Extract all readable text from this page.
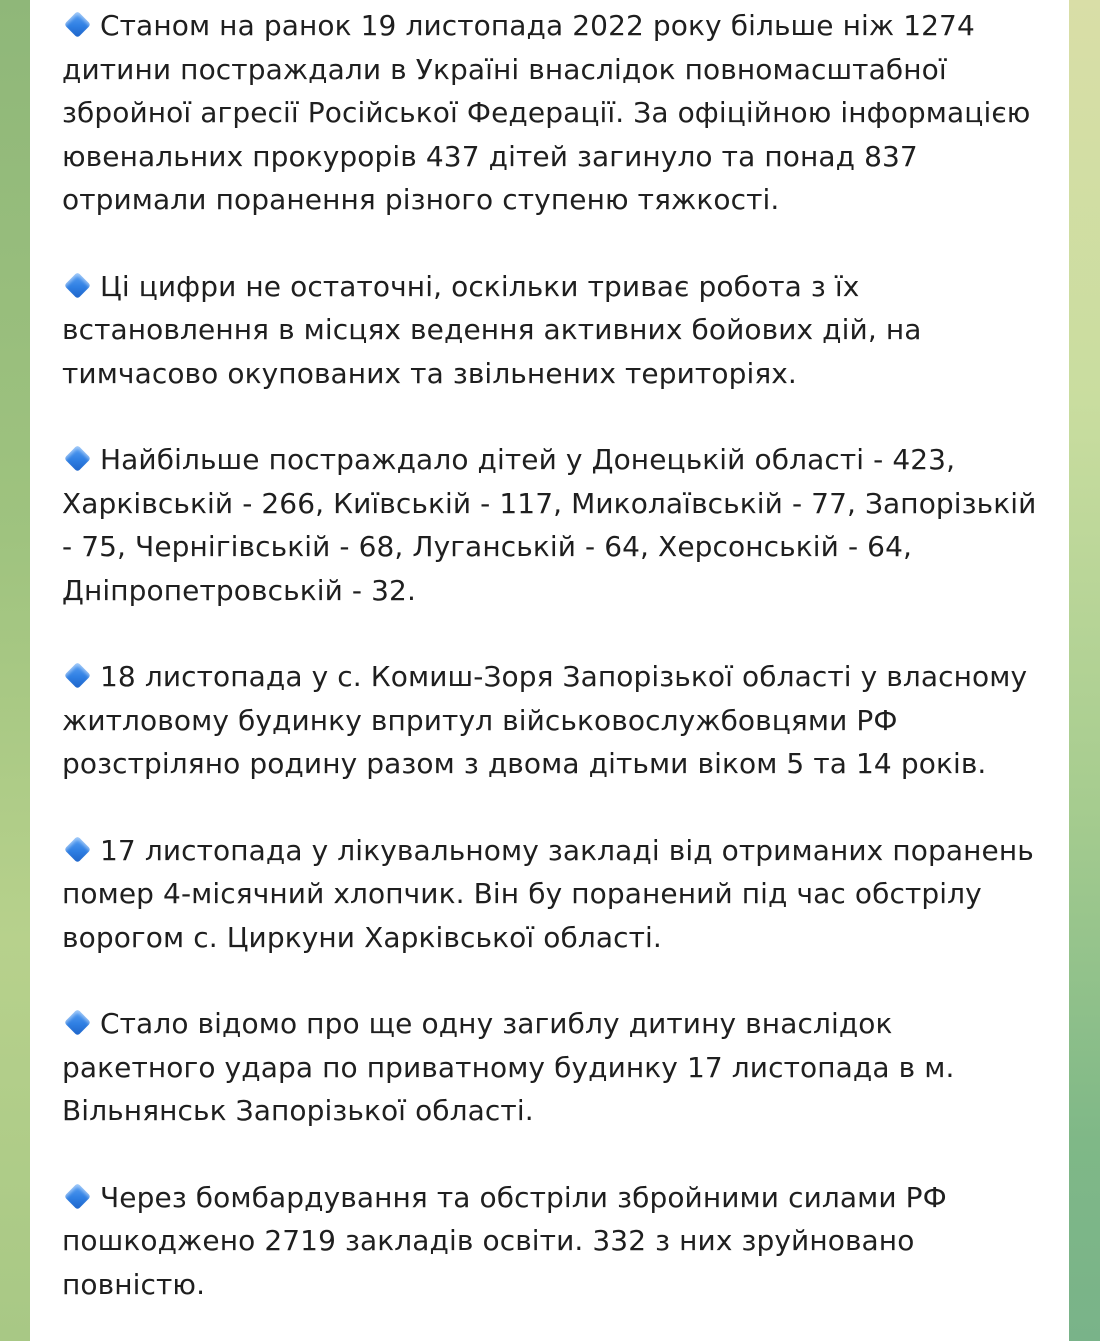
Станом на ранок 19 листопада 2022 року більше ніж 1274 дитини постраждали в Україні внаслідок повномасштабної збройної агресії Російської Федерації. За офіційною інформацією ювенальних прокурорів 437 дітей загинуло та понад 837 отримали поранення різного ступеню тяжкості.

Ці цифри не остаточні, оскільки триває робота з їх встановлення в місцях ведення активних бойових дій, на тимчасово окупованих та звільнених територіях.

Найбільше постраждало дітей у Донецькій області - 423, Харківській - 266, Київській - 117, Миколаївській - 77, Запорізькій - 75, Чернігівській - 68, Луганській - 64, Херсонській - 64, Дніпропетровській - 32.

18 листопада у с. Комиш-Зоря Запорізької області у власному житловому будинку впритул військовослужбовцями РФ розстріляно родину разом з двома дітьми віком 5 та 14 років.

17 листопада у лікувальному закладі від отриманих поранень помер 4-місячний хлопчик. Він бу поранений під час обстрілу ворогом с. Циркуни Харківської області.

Стало відомо про ще одну загиблу дитину внаслідок ракетного удара по приватному будинку 17 листопада в м. Вільнянськ Запорізької області.

Через бомбардування та обстріли збройними силами РФ пошкоджено 2719 закладів освіти. 332 з них зруйновано повністю.
